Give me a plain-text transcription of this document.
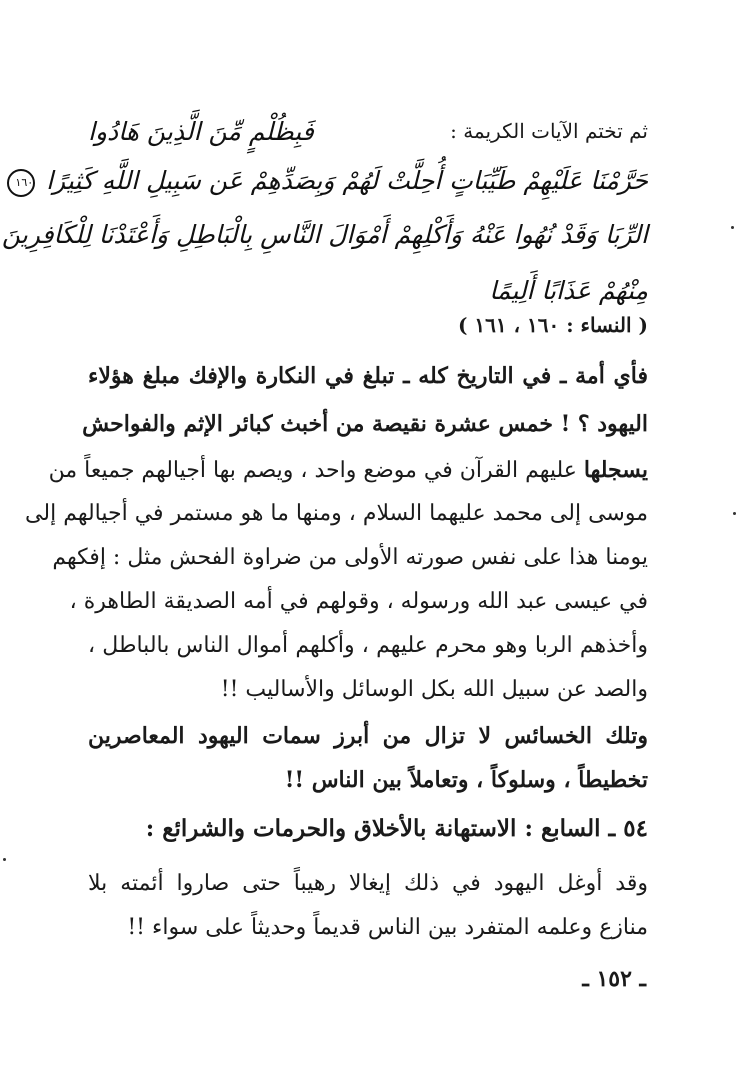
ثم تختم الآيات الكريمة :
فَبِظُلْمٍ مِّنَ الَّذِينَ هَادُوا
حَرَّمْنَا عَلَيْهِمْ طَيِّبَاتٍ أُحِلَّتْ لَهُمْ وَبِصَدِّهِمْ عَن سَبِيلِ اللَّهِ كَثِيرًا ١٦٠
الرِّبَا وَقَدْ نُهُوا عَنْهُ وَأَكْلِهِمْ أَمْوَالَ النَّاسِ بِالْبَاطِلِ وَأَعْتَدْنَا لِلْكَافِرِينَ
مِنْهُمْ عَذَابًا أَلِيمًا
( النساء : ١٦٠ ، ١٦١ )
فأي أمة ـ في التاريخ كله ـ تبلغ في النكارة والإفك مبلغ هؤلاء
اليهود ؟ ! خمس عشرة نقيصة من أخبث كبائر الإثم والفواحش
يسجلها عليهم القرآن في موضع واحد ، ويصم بها أجيالهم جميعاً من
موسى إلى محمد عليهما السلام ، ومنها ما هو مستمر في أجيالهم إلى
يومنا هذا على نفس صورته الأولى من ضراوة الفحش مثل : إفكهم
في عيسى عبد الله ورسوله ، وقولهم في أمه الصديقة الطاهرة ،
وأخذهم الربا وهو محرم عليهم ، وأكلهم أموال الناس بالباطل ،
والصد عن سبيل الله بكل الوسائل والأساليب !!
وتلك الخسائس لا تزال من أبرز سمات اليهود المعاصرين
تخطيطاً ، وسلوكاً ، وتعاملاً بين الناس !!
٥٤ ـ السابع : الاستهانة بالأخلاق والحرمات والشرائع :
وقد أوغل اليهود في ذلك إيغالا رهيباً حتى صاروا أئمته بلا
منازع وعلمه المتفرد بين الناس قديماً وحديثاً على سواء !!
ـ ١٥٢ ـ
